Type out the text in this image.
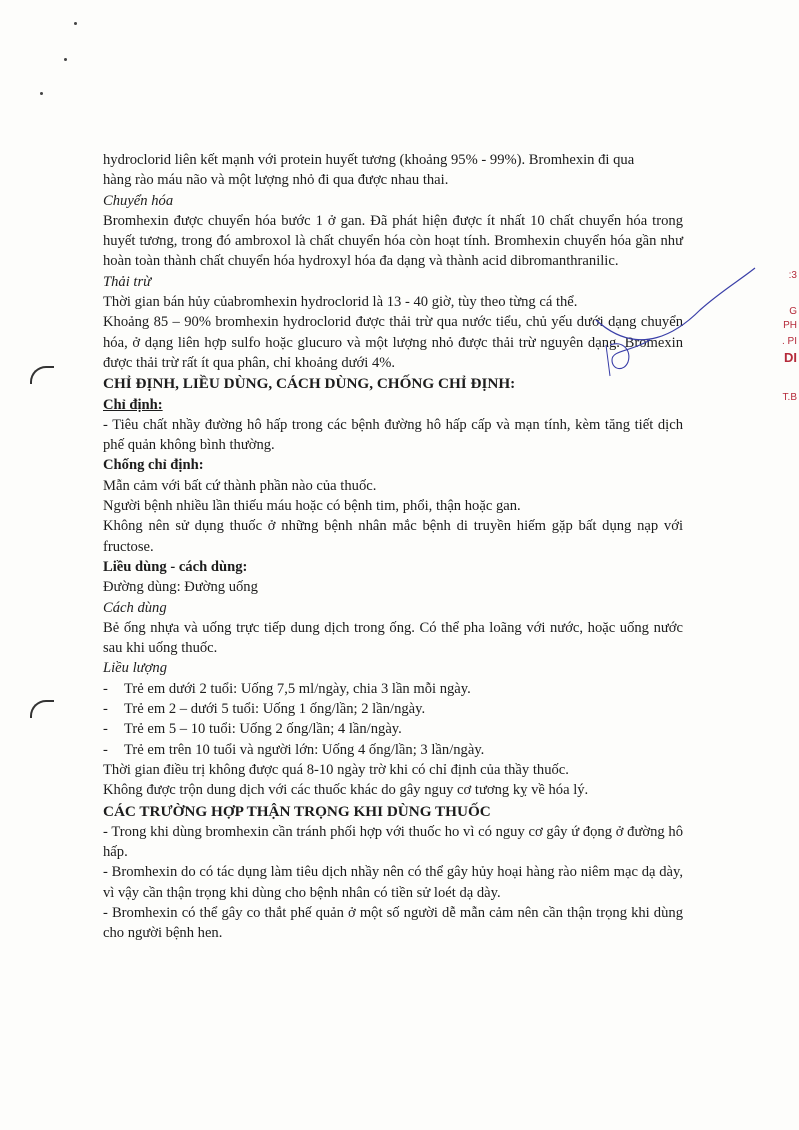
hydroclorid liên kết mạnh với protein huyết tương (khoảng 95% - 99%). Bromhexin đi qua

hàng rào máu não và một lượng nhỏ đi qua được nhau thai.

Chuyển hóa

Bromhexin được chuyển hóa bước 1 ở gan. Đã phát hiện được ít nhất 10 chất chuyển hóa trong huyết tương, trong đó ambroxol là chất chuyển hóa còn hoạt tính. Bromhexin chuyển hóa gần như hoàn toàn thành chất chuyển hóa hydroxyl hóa đa dạng và thành acid dibromanthranilic.

Thải trừ

Thời gian bán hủy củabromhexin hydroclorid là 13 - 40 giờ, tùy theo từng cá thể.

Khoảng 85 – 90% bromhexin hydroclorid được thải trừ qua nước tiểu, chủ yếu dưới dạng chuyển hóa, ở dạng liên hợp sulfo hoặc glucuro và một lượng nhỏ được thải trừ nguyên dạng. Bromexin được thải trừ rất ít qua phân, chỉ khoảng dưới 4%.

CHỈ ĐỊNH, LIỀU DÙNG, CÁCH DÙNG, CHỐNG CHỈ ĐỊNH:

Chỉ định:

- Tiêu chất nhầy đường hô hấp trong các bệnh đường hô hấp cấp và mạn tính, kèm tăng tiết dịch phế quản không bình thường.

Chống chỉ định:

Mẫn cảm với bất cứ thành phần nào của thuốc.

Người bệnh nhiều lần thiếu máu hoặc có bệnh tim, phổi, thận hoặc gan.

Không nên sử dụng thuốc ở những bệnh nhân mắc bệnh di truyền hiếm gặp bất dụng nạp với fructose.

Liều dùng - cách dùng:

Đường dùng: Đường uống

Cách dùng

Bẻ ống nhựa và uống trực tiếp dung dịch trong ống. Có thể pha loãng với nước, hoặc uống nước sau khi uống thuốc.

Liều lượng

-	Trẻ em dưới 2 tuổi: Uống 7,5 ml/ngày, chia 3 lần mỗi ngày.
-	Trẻ em 2 – dưới 5 tuổi: Uống 1 ống/lần; 2 lần/ngày.
-	Trẻ em 5 – 10 tuổi: Uống 2 ống/lần; 4 lần/ngày.
-	Trẻ em trên 10 tuổi và người lớn: Uống 4 ống/lần; 3 lần/ngày.

Thời gian điều trị không được quá 8-10 ngày trờ khi có chỉ định của thầy thuốc.

Không được trộn dung dịch với các thuốc khác do gây nguy cơ tương kỵ về hóa lý.

CÁC TRƯỜNG HỢP THẬN TRỌNG KHI DÙNG THUỐC

- Trong khi dùng bromhexin cần tránh phối hợp với thuốc ho vì có nguy cơ gây ứ đọng ở đường hô hấp.

- Bromhexin do có tác dụng làm tiêu dịch nhầy nên có thể gây hủy hoại hàng rào niêm mạc dạ dày, vì vậy cần thận trọng khi dùng cho bệnh nhân có tiền sử loét dạ dày.

- Bromhexin có thể gây co thắt phế quản ở một số người dễ mẫn cảm nên cần thận trọng khi dùng cho người bệnh hen.

:3
G
PH
. PI
DI
T.B
